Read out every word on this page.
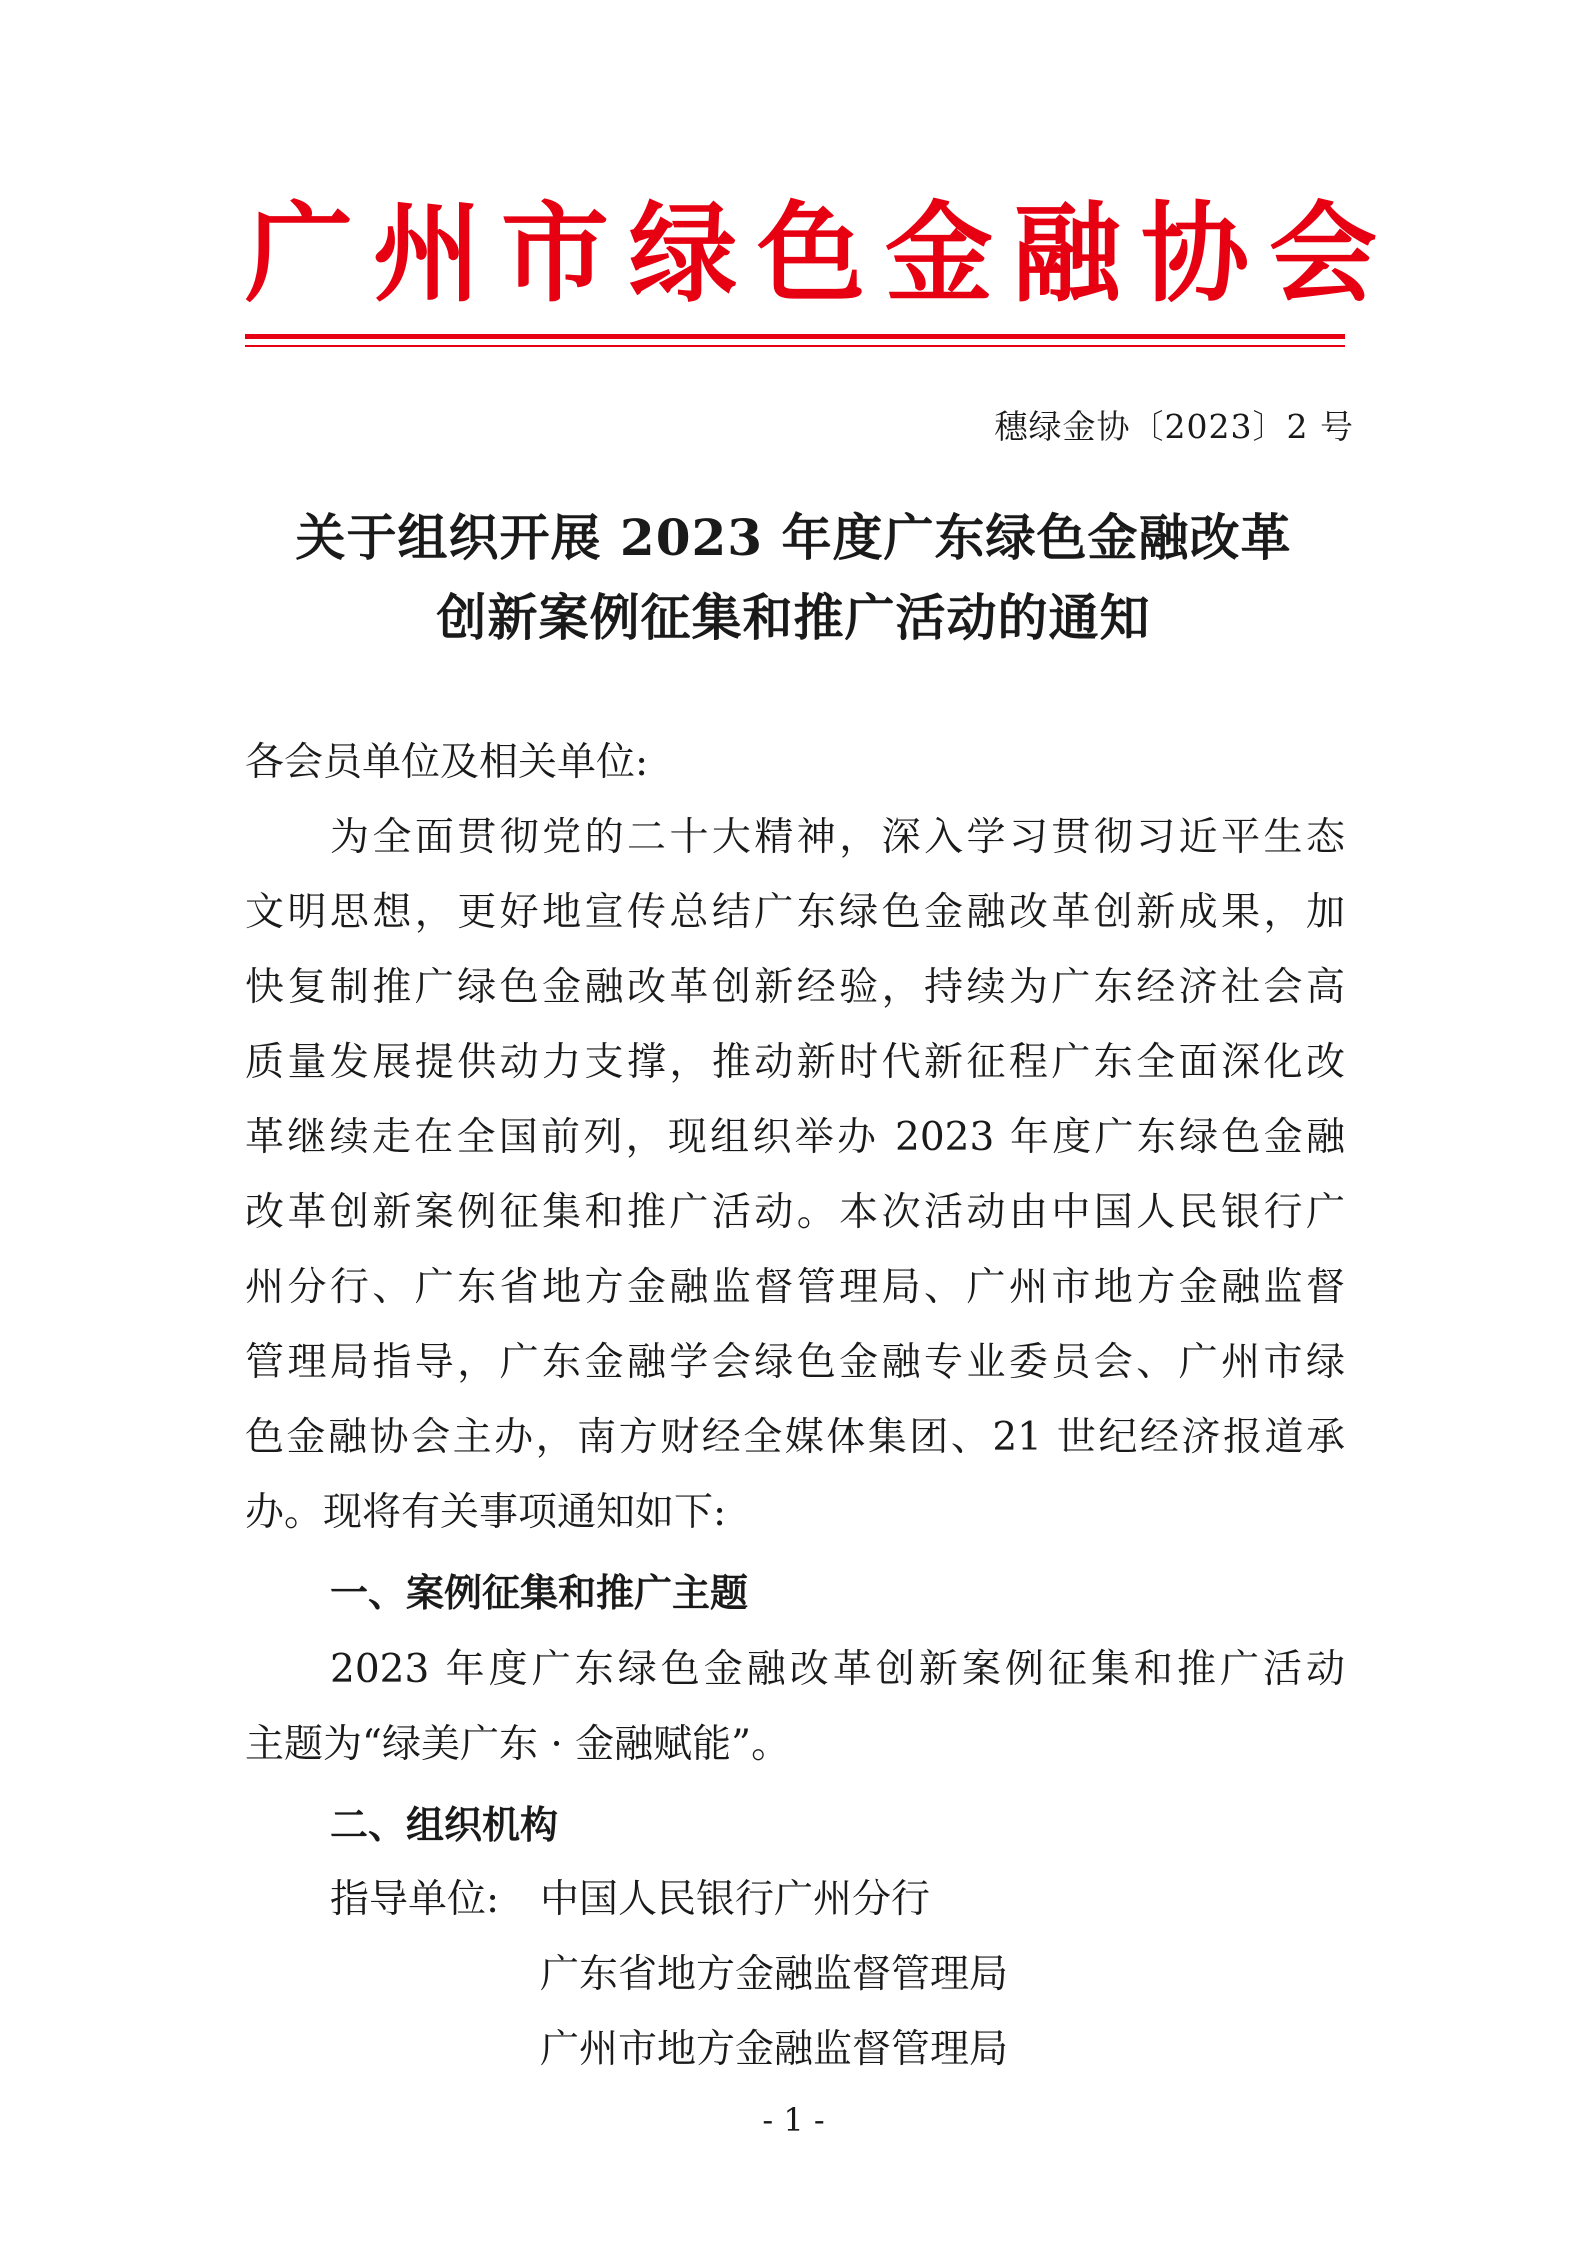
广州市绿色金融协会
穗绿金协〔2023〕2 号
关于组织开展 2023 年度广东绿色金融改革
创新案例征集和推广活动的通知
各会员单位及相关单位:
为全面贯彻党的二十大精神，深入学习贯彻习近平生态
文明思想，更好地宣传总结广东绿色金融改革创新成果，加
快复制推广绿色金融改革创新经验，持续为广东经济社会高
质量发展提供动力支撑，推动新时代新征程广东全面深化改
革继续走在全国前列，现组织举办 2023 年度广东绿色金融
改革创新案例征集和推广活动。本次活动由中国人民银行广
州分行、广东省地方金融监督管理局、广州市地方金融监督
管理局指导，广东金融学会绿色金融专业委员会、广州市绿
色金融协会主办，南方财经全媒体集团、21 世纪经济报道承
办。现将有关事项通知如下:
一、案例征集和推广主题
2023 年度广东绿色金融改革创新案例征集和推广活动
主题为“绿美广东 · 金融赋能”。
二、组织机构
指导单位:	中国人民银行广州分行
广东省地方金融监督管理局
广州市地方金融监督管理局
- 1 -
